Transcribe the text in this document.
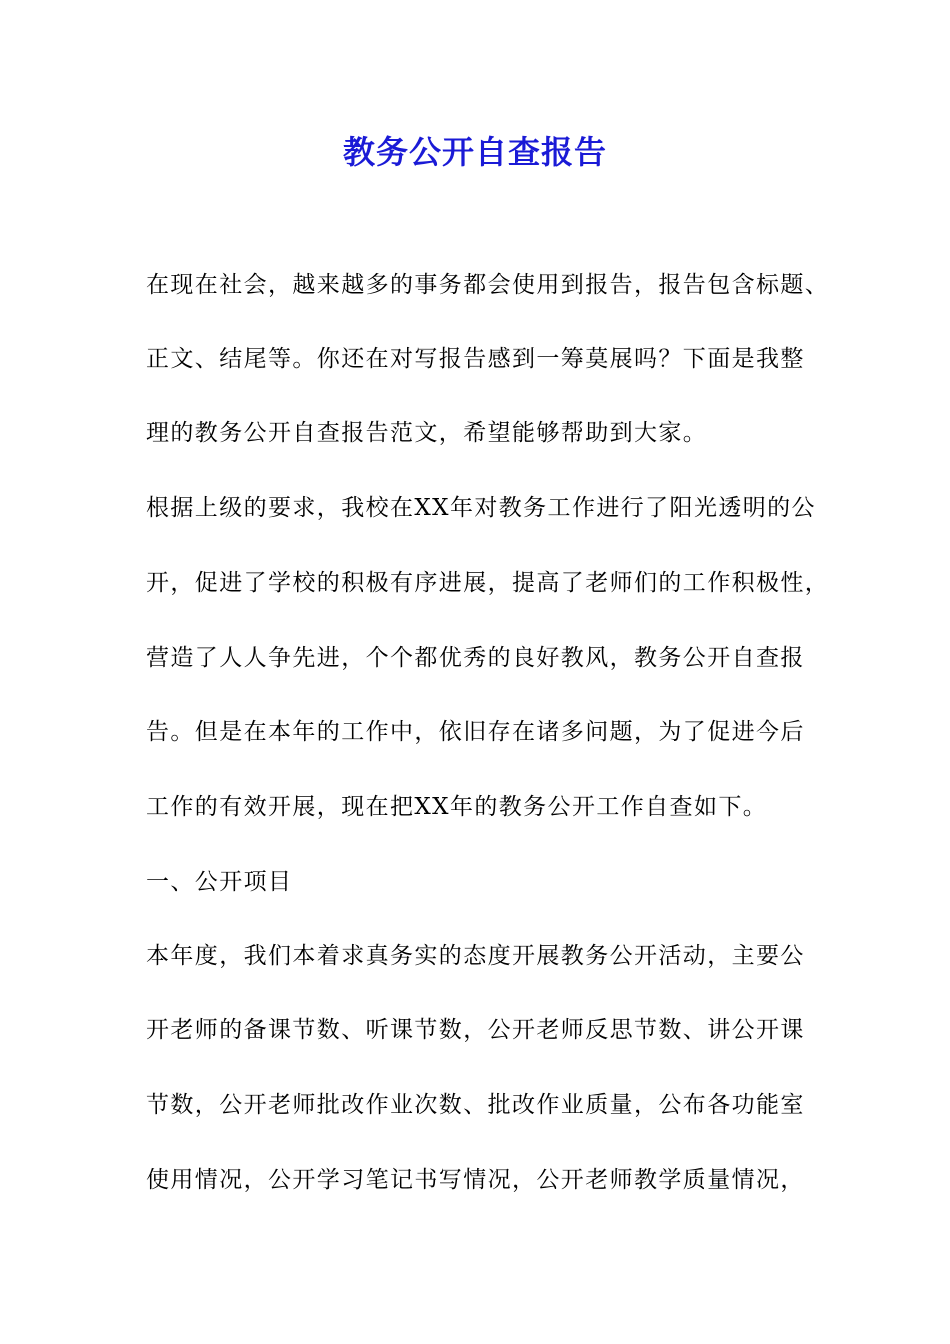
教务公开自查报告
在现在社会，越来越多的事务都会使用到报告，报告包含标题、
正文、结尾等。你还在对写报告感到一筹莫展吗？下面是我整
理的教务公开自查报告范文，希望能够帮助到大家。
根据上级的要求，我校在XX年对教务工作进行了阳光透明的公
开，促进了学校的积极有序进展，提高了老师们的工作积极性，
营造了人人争先进，个个都优秀的良好教风，教务公开自查报
告。但是在本年的工作中，依旧存在诸多问题，为了促进今后
工作的有效开展，现在把XX年的教务公开工作自查如下。
一、公开项目
本年度，我们本着求真务实的态度开展教务公开活动，主要公
开老师的备课节数、听课节数，公开老师反思节数、讲公开课
节数，公开老师批改作业次数、批改作业质量，公布各功能室
使用情况，公开学习笔记书写情况，公开老师教学质量情况，
